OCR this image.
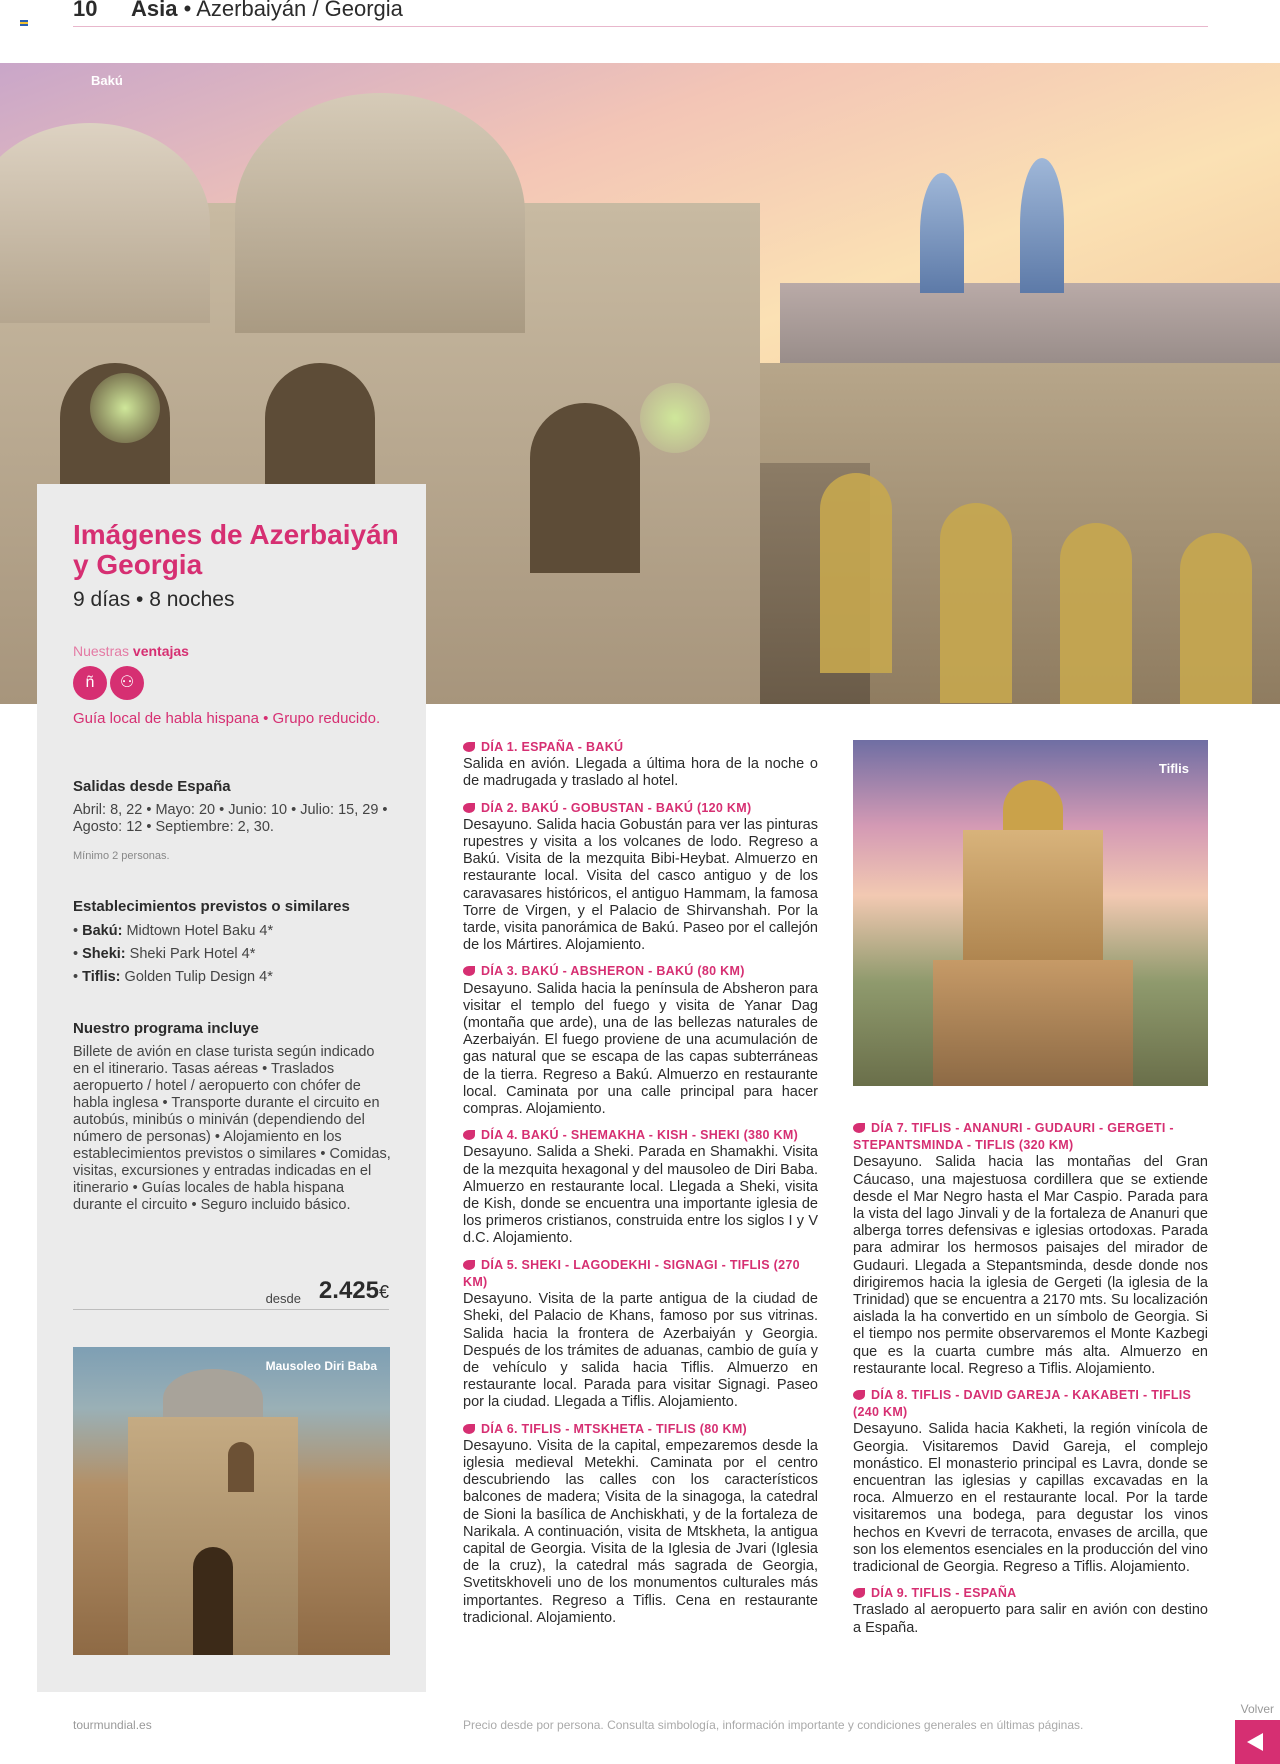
10 Asia • Azerbaiyán / Georgia
Bakú
Imágenes de Azerbaiyán y Georgia
9 días • 8 noches
Nuestras ventajas
ñ	⚇
Guía local de habla hispana • Grupo reducido.
Salidas desde España
Abril: 8, 22 • Mayo: 20 • Junio: 10 • Julio: 15, 29 • Agosto: 12 • Septiembre: 2, 30.
Mínimo 2 personas.
Establecimientos previstos o similares
• Bakú: Midtown Hotel Baku 4*
• Sheki: Sheki Park Hotel 4*
• Tiflis: Golden Tulip Design 4*
Nuestro programa incluye
Billete de avión en clase turista según indicado en el itinerario. Tasas aéreas • Traslados aeropuerto / hotel / aeropuerto con chófer de habla inglesa • Transporte durante el circuito en autobús, minibús o miniván (dependiendo del número de personas) • Alojamiento en los establecimientos previstos o similares • Comidas, visitas, excursiones y entradas indicadas en el itinerario • Guías locales de habla hispana durante el circuito • Seguro incluido básico.
desde 2.425€
Mausoleo Diri Baba
DÍA 1. ESPAÑA - BAKÚ
Salida en avión. Llegada a última hora de la noche o de madrugada y traslado al hotel.
DÍA 2. BAKÚ - GOBUSTAN - BAKÚ (120 KM)
Desayuno. Salida hacia Gobustán para ver las pinturas rupestres y visita a los volcanes de lodo. Regreso a Bakú. Visita de la mezquita Bibi-Heybat. Almuerzo en restaurante local. Visita del casco antiguo y de los caravasares históricos, el antiguo Hammam, la famosa Torre de Virgen, y el Palacio de Shirvanshah. Por la tarde, visita panorámica de Bakú. Paseo por el callejón de los Mártires. Alojamiento.
DÍA 3. BAKÚ - ABSHERON - BAKÚ (80 KM)
Desayuno. Salida hacia la península de Absheron para visitar el templo del fuego y visita de Yanar Dag (montaña que arde), una de las bellezas naturales de Azerbaiyán. El fuego proviene de una acumulación de gas natural que se escapa de las capas subterráneas de la tierra. Regreso a Bakú. Almuerzo en restaurante local. Caminata por una calle principal para hacer compras. Alojamiento.
DÍA 4. BAKÚ - SHEMAKHA - KISH - SHEKI (380 KM)
Desayuno. Salida a Sheki. Parada en Shamakhi. Visita de la mezquita hexagonal y del mausoleo de Diri Baba. Almuerzo en restaurante local. Llegada a Sheki, visita de Kish, donde se encuentra una importante iglesia de los primeros cristianos, construida entre los siglos I y V d.C. Alojamiento.
DÍA 5. SHEKI - LAGODEKHI - SIGNAGI - TIFLIS (270 KM)
Desayuno. Visita de la parte antigua de la ciudad de Sheki, del Palacio de Khans, famoso por sus vitrinas. Salida hacia la frontera de Azerbaiyán y Georgia. Después de los trámites de aduanas, cambio de guía y de vehículo y salida hacia Tiflis. Almuerzo en restaurante local. Parada para visitar Signagi. Paseo por la ciudad. Llegada a Tiflis. Alojamiento.
DÍA 6. TIFLIS - MTSKHETA - TIFLIS (80 KM)
Desayuno. Visita de la capital, empezaremos desde la iglesia medieval Metekhi. Caminata por el centro descubriendo las calles con los característicos balcones de madera; Visita de la sinagoga, la catedral de Sioni la basílica de Anchiskhati, y de la fortaleza de Narikala. A continuación, visita de Mtskheta, la antigua capital de Georgia. Visita de la Iglesia de Jvari (Iglesia de la cruz), la catedral más sagrada de Georgia, Svetitskhoveli uno de los monumentos culturales más importantes. Regreso a Tiflis. Cena en restaurante tradicional. Alojamiento.
Tiflis
DÍA 7. TIFLIS - ANANURI - GUDAURI - GERGETI - STEPANTSMINDA - TIFLIS (320 KM)
Desayuno. Salida hacia las montañas del Gran Cáucaso, una majestuosa cordillera que se extiende desde el Mar Negro hasta el Mar Caspio. Parada para la vista del lago Jinvali y de la fortaleza de Ananuri que alberga torres defensivas e iglesias ortodoxas. Parada para admirar los hermosos paisajes del mirador de Gudauri. Llegada a Stepantsminda, desde donde nos dirigiremos hacia la iglesia de Gergeti (la iglesia de la Trinidad) que se encuentra a 2170 mts. Su localización aislada la ha convertido en un símbolo de Georgia. Si el tiempo nos permite observaremos el Monte Kazbegi que es la cuarta cumbre más alta. Almuerzo en restaurante local. Regreso a Tiflis. Alojamiento.
DÍA 8. TIFLIS - DAVID GAREJA - KAKABETI - TIFLIS (240 KM)
Desayuno. Salida hacia Kakheti, la región vinícola de Georgia. Visitaremos David Gareja, el complejo monástico. El monasterio principal es Lavra, donde se encuentran las iglesias y capillas excavadas en la roca. Almuerzo en el restaurante local. Por la tarde visitaremos una bodega, para degustar los vinos hechos en Kvevri de terracota, envases de arcilla, que son los elementos esenciales en la producción del vino tradicional de Georgia. Regreso a Tiflis. Alojamiento.
DÍA 9. TIFLIS - ESPAÑA
Traslado al aeropuerto para salir en avión con destino a España.
tourmundial.es	Precio desde por persona. Consulta simbología, información importante y condiciones generales en últimas páginas.
Volver
